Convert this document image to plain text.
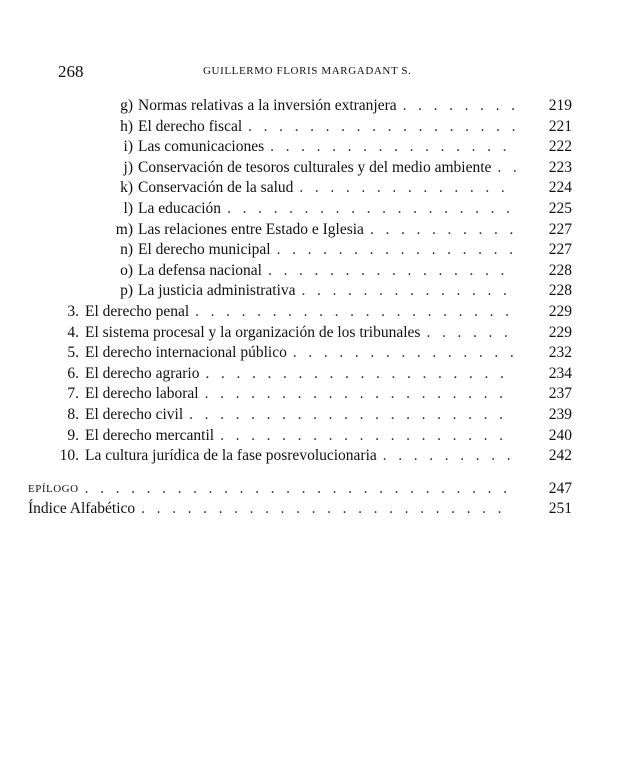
268	GUILLERMO FLORIS MARGADANT S.
g) Normas relativas a la inversión extranjera	219
.   .   .   .   .   .   .   .
h) El derecho fiscal	221
.   .   .   .   .   .   .   .   .   .   .   .   .   .   .   .   .   .
i) Las comunicaciones	222
.   .   .   .   .   .   .   .   .   .   .   .   .   .   .   .
j) Conservación de tesoros culturales y del medio ambiente	223
.   .
k) Conservación de la salud	224
.   .   .   .   .   .   .   .   .   .   .   .   .   .
l) La educación	225
.   .   .   .   .   .   .   .   .   .   .   .   .   .   .   .   .   .   .
m) Las relaciones entre Estado e Iglesia	227
.   .   .   .   .   .   .   .   .   .
n) El derecho municipal	227
.   .   .   .   .   .   .   .   .   .   .   .   .   .   .   .
o) La defensa nacional	228
.   .   .   .   .   .   .   .   .   .   .   .   .   .   .   .
p) La justicia administrativa	228
.   .   .   .   .   .   .   .   .   .   .   .   .   .
3. El derecho penal	229
.   .   .   .   .   .   .   .   .   .   .   .   .   .   .   .   .   .   .   .   .
4. El sistema procesal y la organización de los tribunales	229
.   .   .   .   .   .
5. El derecho internacional público	232
.   .   .   .   .   .   .   .   .   .   .   .   .   .   .
6. El derecho agrario	234
.   .   .   .   .   .   .   .   .   .   .   .   .   .   .   .   .   .   .   .
7. El derecho laboral	237
.   .   .   .   .   .   .   .   .   .   .   .   .   .   .   .   .   .   .   .
8. El derecho civil	239
.   .   .   .   .   .   .   .   .   .   .   .   .   .   .   .   .   .   .   .   .
9. El derecho mercantil	240
.   .   .   .   .   .   .   .   .   .   .   .   .   .   .   .   .   .   .
10. La cultura jurídica de la fase posrevolucionaria	242
.   .   .   .   .   .   .   .   .
EPÍLOGO	247
.   .   .   .   .   .   .   .   .   .   .   .   .   .   .   .   .   .   .   .   .   .   .   .   .   .   .   .
Índice Alfabético	251
.   .   .   .   .   .   .   .   .   .   .   .   .   .   .   .   .   .   .   .   .   .   .   .
